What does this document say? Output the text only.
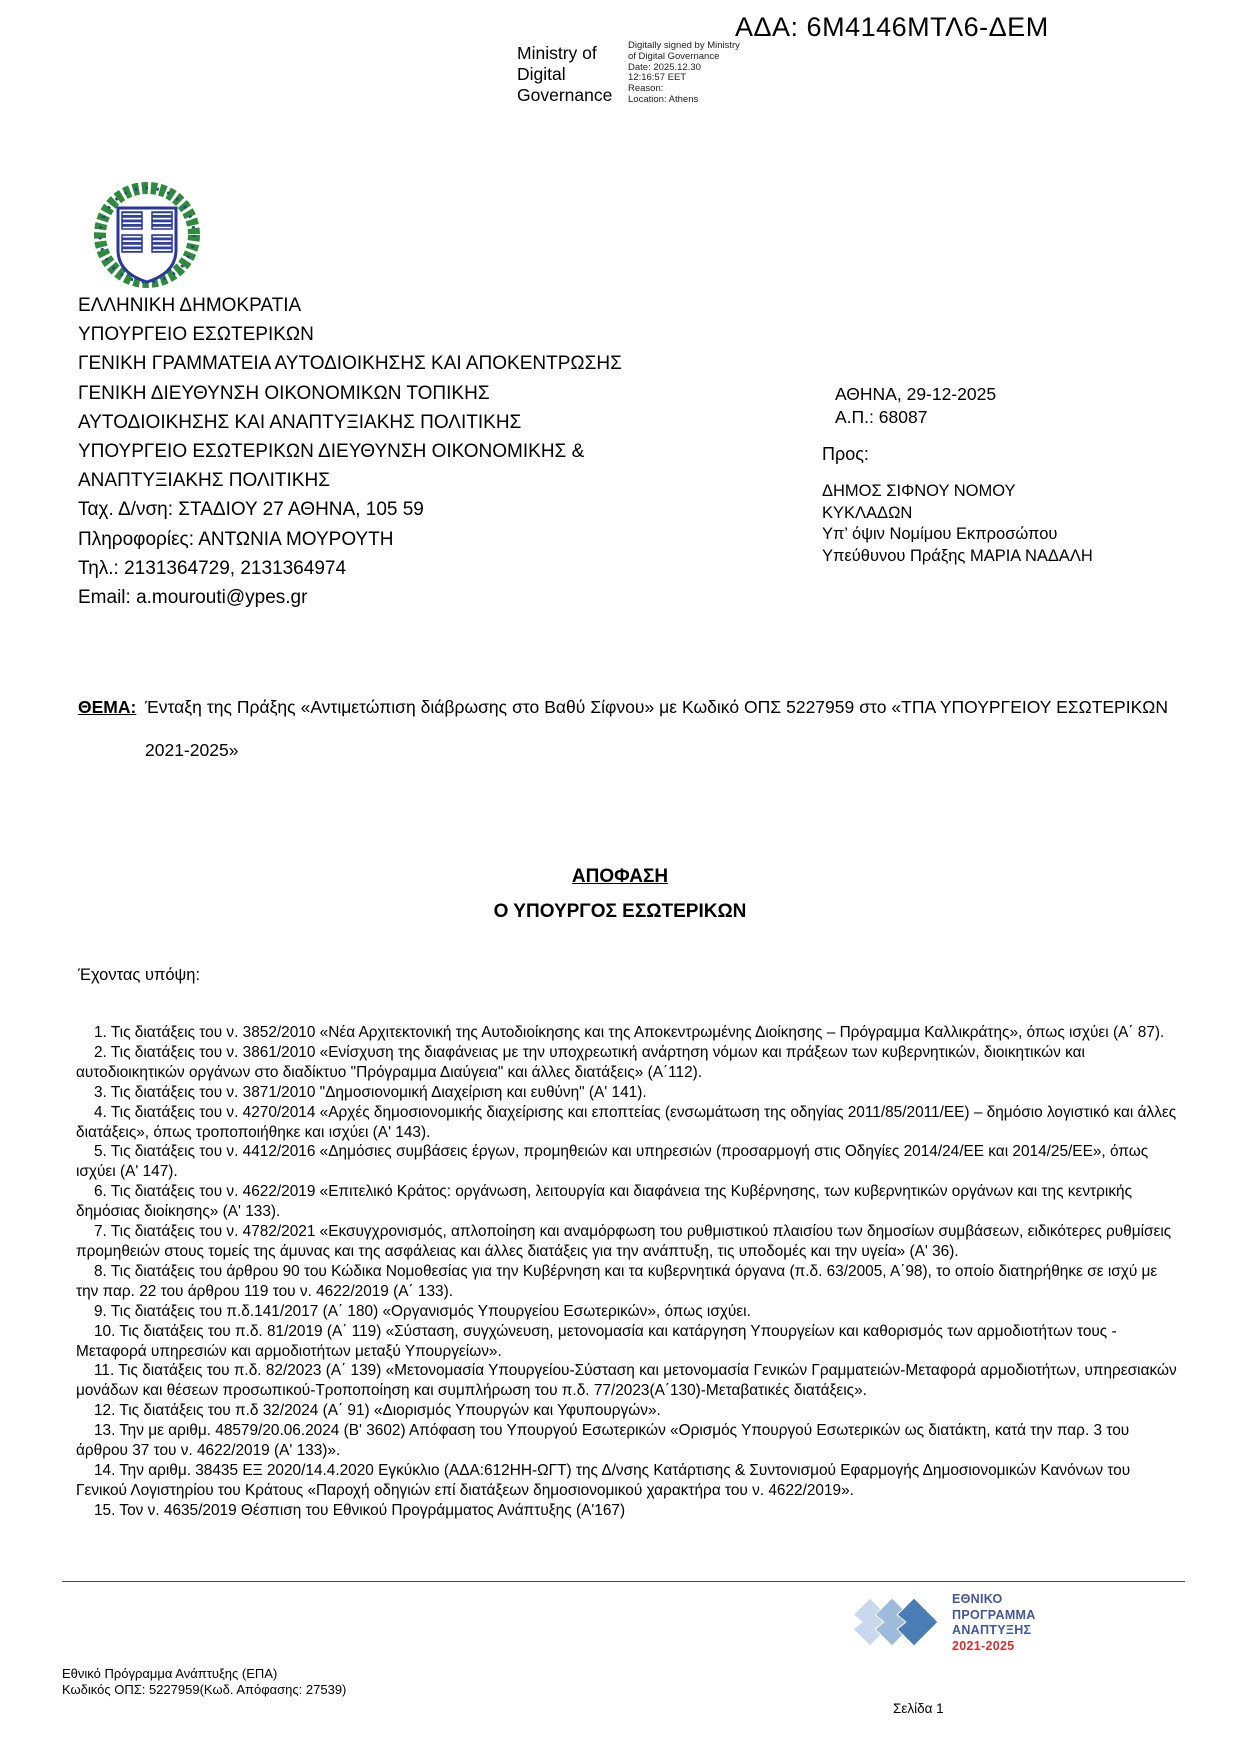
ΑΔΑ: 6Μ4146ΜΤΛ6-ΔΕΜ
Ministry of Digital Governance
Digitally signed by Ministry
of Digital Governance
Date: 2025.12.30
12:16:57 EET
Reason:
Location: Athens
ΕΛΛΗΝΙΚΗ ΔΗΜΟΚΡΑΤΙΑ
ΥΠΟΥΡΓΕΙΟ ΕΣΩΤΕΡΙΚΩΝ
ΓΕΝΙΚΗ ΓΡΑΜΜΑΤΕΙΑ ΑΥΤΟΔΙΟΙΚΗΣΗΣ ΚΑΙ ΑΠΟΚΕΝΤΡΩΣΗΣ
ΓΕΝΙΚΗ ΔΙΕΥΘΥΝΣΗ ΟΙΚΟΝΟΜΙΚΩΝ ΤΟΠΙΚΗΣ
ΑΥΤΟΔΙΟΙΚΗΣΗΣ ΚΑΙ ΑΝΑΠΤΥΞΙΑΚΗΣ ΠΟΛΙΤΙΚΗΣ
ΥΠΟΥΡΓΕΙΟ ΕΣΩΤΕΡΙΚΩΝ ΔΙΕΥΘΥΝΣΗ ΟΙΚΟΝΟΜΙΚΗΣ &
ΑΝΑΠΤΥΞΙΑΚΗΣ ΠΟΛΙΤΙΚΗΣ
Ταχ. Δ/νση: ΣΤΑΔΙΟΥ 27 ΑΘΗΝΑ, 105 59
Πληροφορίες: ΑΝΤΩΝΙΑ ΜΟΥΡΟΥΤΗ
Τηλ.: 2131364729, 2131364974
Email: a.mourouti@ypes.gr
ΑΘΗΝΑ, 29-12-2025
Α.Π.: 68087

Προς:

ΔΗΜΟΣ ΣΙΦΝΟΥ ΝΟΜΟΥ
ΚΥΚΛΑΔΩΝ
Υπ’ όψιν Νομίμου Εκπροσώπου
Υπεύθυνου Πράξης ΜΑΡΙΑ ΝΑΔΑΛΗ
ΘΕΜΑ: Ένταξη της Πράξης «Αντιμετώπιση διάβρωσης στο Βαθύ Σίφνου» με Κωδικό ΟΠΣ 5227959 στο «ΤΠΑ ΥΠΟΥΡΓΕΙΟΥ ΕΣΩΤΕΡΙΚΩΝ 2021-2025»
ΑΠΟΦΑΣΗ
Ο ΥΠΟΥΡΓΟΣ ΕΣΩΤΕΡΙΚΩΝ
Έχοντας υπόψη:

1. Τις διατάξεις του ν. 3852/2010 «Νέα Αρχιτεκτονική της Αυτοδιοίκησης και της Αποκεντρωμένης Διοίκησης – Πρόγραμμα Καλλικράτης», όπως ισχύει (Α΄ 87).

2. Τις διατάξεις του ν. 3861/2010 «Ενίσχυση της διαφάνειας με την υποχρεωτική ανάρτηση νόμων και πράξεων των κυβερνητικών, διοικητικών και αυτοδιοικητικών οργάνων στο διαδίκτυο "Πρόγραμμα Διαύγεια" και άλλες διατάξεις» (Α΄112).

3. Τις διατάξεις του ν. 3871/2010 "Δημοσιονομική Διαχείριση και ευθύνη" (Α' 141).

4. Τις διατάξεις του ν. 4270/2014 «Αρχές δημοσιονομικής διαχείρισης και εποπτείας (ενσωμάτωση της οδηγίας 2011/85/2011/ΕΕ) – δημόσιο λογιστικό και άλλες διατάξεις», όπως τροποποιήθηκε και ισχύει (Α' 143).

5. Τις διατάξεις του ν. 4412/2016 «Δημόσιες συμβάσεις έργων, προμηθειών και υπηρεσιών (προσαρμογή στις Οδηγίες 2014/24/ΕΕ και 2014/25/ΕΕ», όπως ισχύει (Α' 147).

6. Τις διατάξεις του ν. 4622/2019 «Επιτελικό Κράτος: οργάνωση, λειτουργία και διαφάνεια της Κυβέρνησης, των κυβερνητικών οργάνων και της κεντρικής δημόσιας διοίκησης» (Α' 133).

7. Τις διατάξεις του ν. 4782/2021 «Εκσυγχρονισμός, απλοποίηση και αναμόρφωση του ρυθμιστικού πλαισίου των δημοσίων συμβάσεων, ειδικότερες ρυθμίσεις προμηθειών στους τομείς της άμυνας και της ασφάλειας και άλλες διατάξεις για την ανάπτυξη, τις υποδομές και την υγεία» (Α' 36).

8. Τις διατάξεις του άρθρου 90 του Κώδικα Νομοθεσίας για την Κυβέρνηση και τα κυβερνητικά όργανα (π.δ. 63/2005, Α΄98), το οποίο διατηρήθηκε σε ισχύ με την παρ. 22 του άρθρου 119 του ν. 4622/2019 (Α΄ 133).

9. Τις διατάξεις του π.δ.141/2017 (Α΄ 180) «Οργανισμός Υπουργείου Εσωτερικών», όπως ισχύει.

10. Τις διατάξεις του π.δ. 81/2019 (Α΄ 119) «Σύσταση, συγχώνευση, μετονομασία και κατάργηση Υπουργείων και καθορισμός των αρμοδιοτήτων τους - Μεταφορά υπηρεσιών και αρμοδιοτήτων μεταξύ Υπουργείων».

11. Τις διατάξεις του π.δ. 82/2023 (Α΄ 139) «Μετονομασία Υπουργείου-Σύσταση και μετονομασία Γενικών Γραμματειών-Μεταφορά αρμοδιοτήτων, υπηρεσιακών μονάδων και θέσεων προσωπικού-Τροποποίηση και συμπλήρωση του π.δ. 77/2023(Α΄130)-Μεταβατικές διατάξεις».

12. Τις διατάξεις του π.δ 32/2024 (Α΄ 91) «Διορισμός Υπουργών και Υφυπουργών».

13. Την με αριθμ. 48579/20.06.2024 (Β' 3602) Απόφαση του Υπουργού Εσωτερικών «Ορισμός Υπουργού Εσωτερικών ως διατάκτη, κατά την παρ. 3 του άρθρου 37 του ν. 4622/2019 (Α' 133)».

14. Την αριθμ. 38435 ΕΞ 2020/14.4.2020 Εγκύκλιο (ΑΔΑ:612ΗΗ-ΩΓΤ) της Δ/νσης Κατάρτισης & Συντονισμού Εφαρμογής Δημοσιονομικών Κανόνων του Γενικού Λογιστηρίου του Κράτους «Παροχή οδηγιών επί διατάξεων δημοσιονομικού χαρακτήρα του ν. 4622/2019».

15. Τον ν. 4635/2019 Θέσπιση του Εθνικού Προγράμματος Ανάπτυξης (Α'167)

ΕΘΝΙΚΟ
ΠΡΟΓΡΑΜΜΑ
ΑΝΑΠΤΥΞΗΣ
2021-2025
Εθνικό Πρόγραμμα Ανάπτυξης (ΕΠΑ)
Κωδικός ΟΠΣ: 5227959(Κωδ. Απόφασης: 27539)
Σελίδα 1
